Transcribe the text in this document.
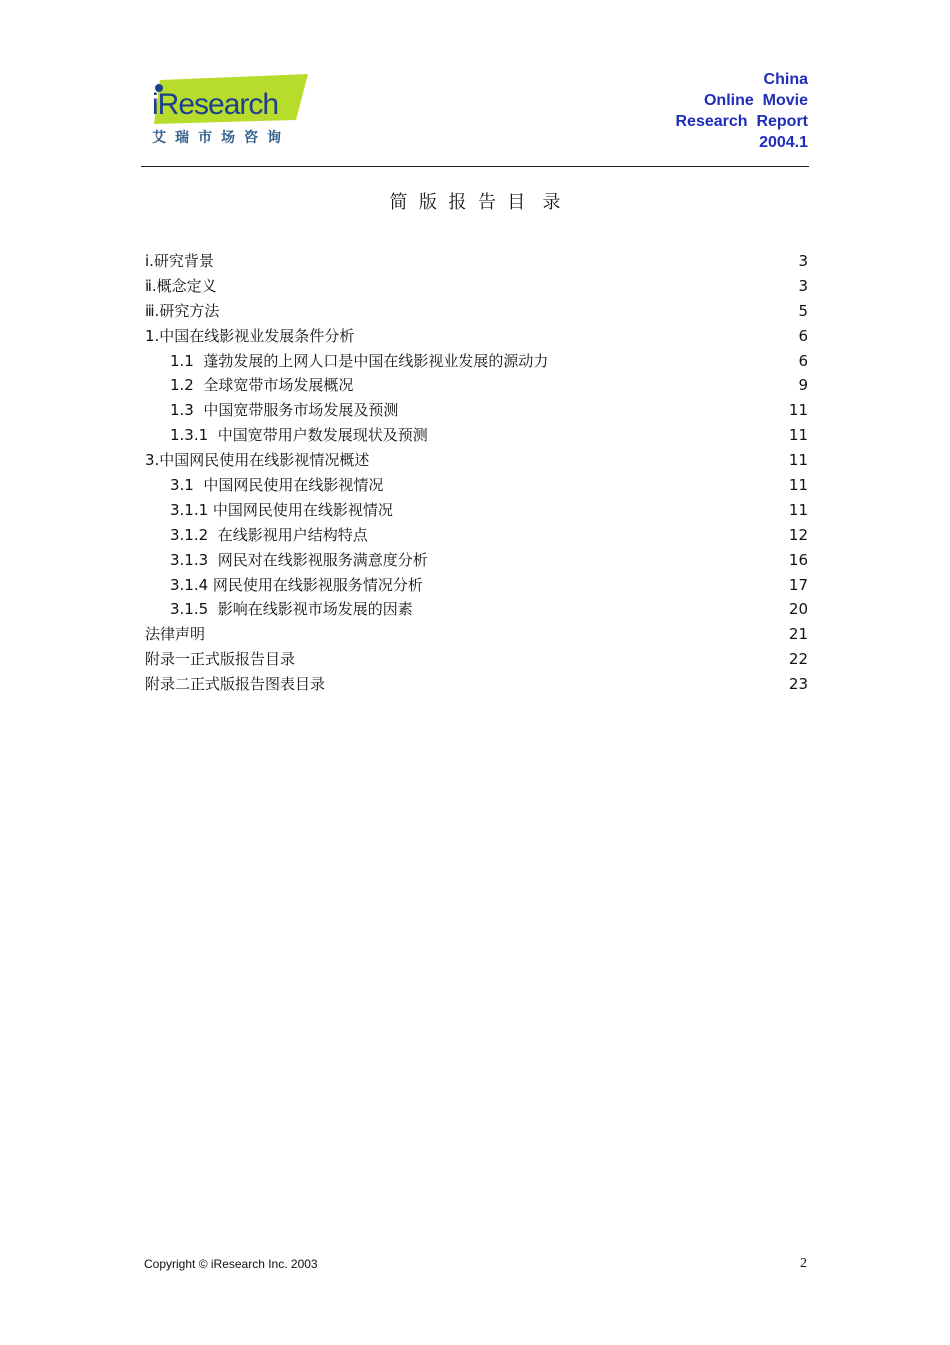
iResearch
艾瑞市场咨询
China
Online  Movie
Research  Report
2004.1
简  版  报  告  目   录
ⅰ.研究背景	3
ⅱ.概念定义	3
ⅲ.研究方法	5
1.中国在线影视业发展条件分析	6
1.1  蓬勃发展的上网人口是中国在线影视业发展的源动力	6
1.2  全球宽带市场发展概况	9
1.3  中国宽带服务市场发展及预测	11
1.3.1  中国宽带用户数发展现状及预测	11
3.中国网民使用在线影视情况概述	11
3.1  中国网民使用在线影视情况	11
3.1.1 中国网民使用在线影视情况	11
3.1.2  在线影视用户结构特点	12
3.1.3  网民对在线影视服务满意度分析	16
3.1.4 网民使用在线影视服务情况分析	17
3.1.5  影响在线影视市场发展的因素	20
法律声明	21
附录一正式版报告目录	22
附录二正式版报告图表目录	23
Copyright © iResearch Inc. 2003	2
